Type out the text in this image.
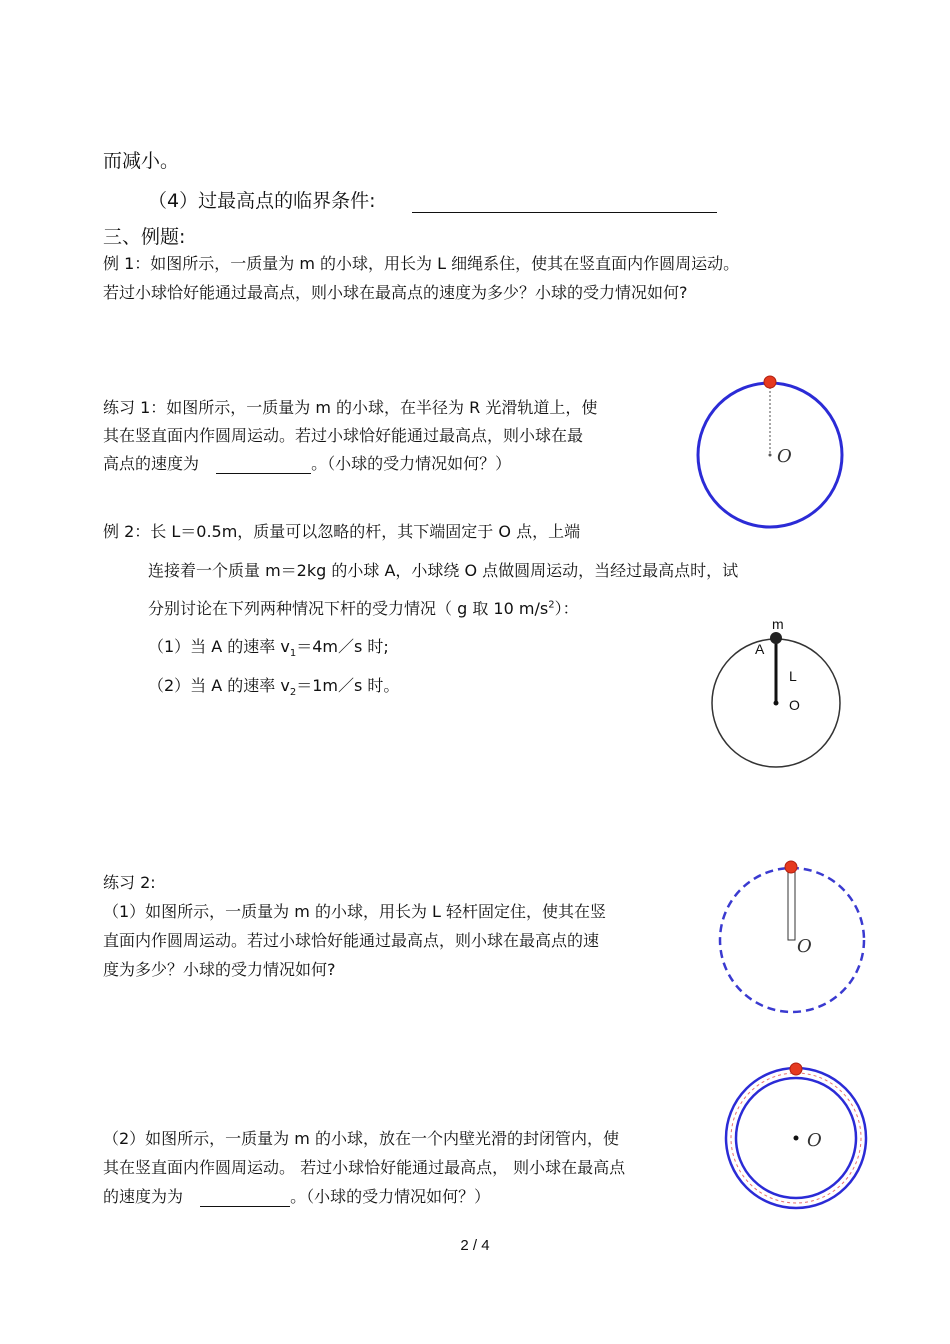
而减小。
（4）过最高点的临界条件:
三、例题:
例 1：如图所示，一质量为 m 的小球，用长为 L 细绳系住，使其在竖直面内作圆周运动。
若过小球恰好能通过最高点，则小球在最高点的速度为多少？小球的受力情况如何?
练习 1：如图所示，一质量为 m 的小球，在半径为 R 光滑轨道上，使
其在竖直面内作圆周运动。若过小球恰好能通过最高点，则小球在最
高点的速度为	。（小球的受力情况如何？）
例 2：长 L＝0.5m，质量可以忽略的杆，其下端固定于 O 点，上端
连接着一个质量 m＝2kg 的小球 A，小球绕 O 点做圆周运动，当经过最高点时，试
分别讨论在下列两种情况下杆的受力情况（ g 取 10 $m/s^2$）：
（1）当 A 的速率 $v_1=4m/s$ 时;
（2）当 A 的速率 $v_2=1m/s$ 时。
练习 2:
（1）如图所示，一质量为 m 的小球，用长为 L 轻杆固定住，使其在竖
直面内作圆周运动。若过小球恰好能通过最高点，则小球在最高点的速
度为多少？小球的受力情况如何?
（2）如图所示，一质量为 m 的小球，放在一个内壁光滑的封闭管内，使
其在竖直面内作圆周运动。 若过小球恰好能通过最高点， 则小球在最高点
的速度为为	。（小球的受力情况如何？）
O
m
A
L
O
O
O
2 / 4
